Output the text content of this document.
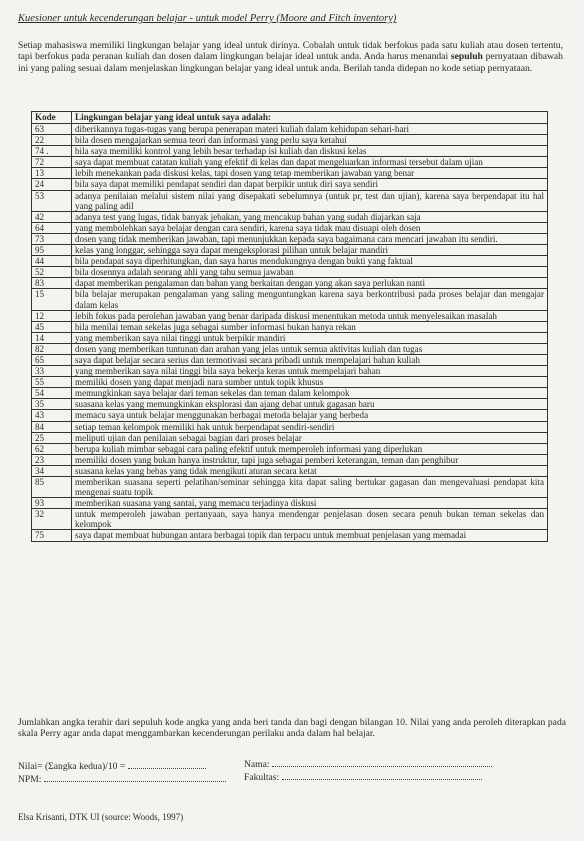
Kuesioner untuk kecenderungan belajar - untuk model Perry (Moore and Fitch inventory)
Setiap mahasiswa memiliki lingkungan belajar yang ideal untuk dirinya. Cobalah untuk tidak berfokus pada satu kuliah atau dosen tertentu, tapi berfokus pada peranan kuliah dan dosen dalam lingkungan belajar ideal untuk anda. Anda harus menandai sepuluh pernyataan dibawah ini yang paling sesuai dalam menjelaskan lingkungan belajar yang ideal untuk anda. Berilah tanda didepan no kode setiap pernyataan.
Kode	Lingkungan belajar yang ideal untuk saya adalah:
63	diberikannya tugas-tugas yang berupa penerapan materi kuliah dalam kehidupan sehari-hari
22	bila dosen mengajarkan semua teori dan informasi yang perlu saya ketahui
74 .	bila saya memiliki kontrol yang lebih besar terhadap isi kuliah dan diskusi kelas
72	saya dapat membuat catatan kuliah yang efektif di kelas dan dapat mengeluarkan informasi tersebut dalam ujian
13	lebih menekankan pada diskusi kelas, tapi dosen yang tetap memberikan jawaban yang benar
24	bila saya dapat memiliki pendapat sendiri dan dapat berpikir untuk diri saya sendiri
53	adanya penilaian melalui sistem nilai yang disepakati sebelumnya (untuk pr, test dan ujian), karena saya berpendapat itu hal yang paling adil
42	adanya test yang lugas, tidak banyak jebakan, yang mencakup bahan yang sudah diajarkan saja
64	yang membolehkan saya belajar dengan cara sendiri, karena saya tidak mau disuapi oleh dosen
73	dosen yang tidak memberikan jawaban, tapi menunjukkan kepada saya bagaimana cara mencari jawaban itu sendiri.
95	kelas yang longgar, sehingga saya dapat mengeksplorasi pilihan untuk belajar mandiri
44	bila pendapat saya diperhitungkan, dan saya harus mendukungnya dengan bukti yang faktual
52	bila dosennya adalah seorang ahli yang tahu semua jawaban
83	dapat memberikan pengalaman dan bahan yang berkaitan dengan yang akan saya perlukan nanti
15	bila belajar merupakan pengalaman yang saling menguntungkan karena saya berkontribusi pada proses belajar dan mengajar dalam kelas
12	lebih fokus pada perolehan jawaban yang benar daripada diskusi menentukan metoda untuk menyelesaikan masalah
45	bila menilai teman sekelas juga sebagai sumber informasi bukan hanya rekan
14	yang memberikan saya nilai tinggi untuk berpikir mandiri
82	dosen yang memberikan tuntunan dan arahan yang jelas untuk semua aktivitas kuliah dan tugas
65	saya dapat belajar secara serius dan termotivasi secara pribadi untuk mempelajari bahan kuliah
33	yang memberikan saya nilai tinggi bila saya bekerja keras untuk mempelajari bahan
55	memiliki dosen yang dapat menjadi nara sumber untuk topik khusus
54	memungkinkan saya belajar dari teman sekelas dan teman dalam kelompok
35	suasana kelas yang memungkinkan eksplorasi dan ajang debat untuk gagasan baru
43	memacu saya untuk belajar menggunakan berbagai metoda belajar yang berbeda
84	setiap teman kelompok memiliki hak untuk berpendapat sendiri-sendiri
25	meliputi ujian dan penilaian sebagai bagian dari proses belajar
62	berupa kuliah mimbar sebagai cara paling efektif untuk memperoleh informasi yang diperlukan
23	memiliki dosen yang bukan hanya instruktur, tapi juga sebagai pemberi keterangan, teman dan penghibur
34	suasana kelas yang bebas yang tidak mengikuti aturan secara ketat
85	memberikan suasana seperti pelatihan/seminar sehingga kita dapat saling bertukar gagasan dan mengevaluasi pendapat kita mengenai suatu topik
93	memberikan suasana yang santai, yang memacu terjadinya diskusi
32	untuk memperoleh jawaban pertanyaan, saya hanya mendengar penjelasan dosen secara penuh bukan teman sekelas dan kelompok
75	saya dapat membuat hubungan antara berbagai topik dan terpacu untuk membuat penjelasan yang memadai
Jumlahkan angka terahir dari sepuluh kode angka yang anda beri tanda dan bagi dengan bilangan 10. Nilai yang anda peroleh diterapkan pada skala Perry agar anda dapat menggambarkan kecenderungan perilaku anda dalam hal belajar.
Nilai= (Σangka kedua)/10 =	Nama:
NPM:	Fakultas:
Elsa Krisanti, DTK UI (source: Woods, 1997)
